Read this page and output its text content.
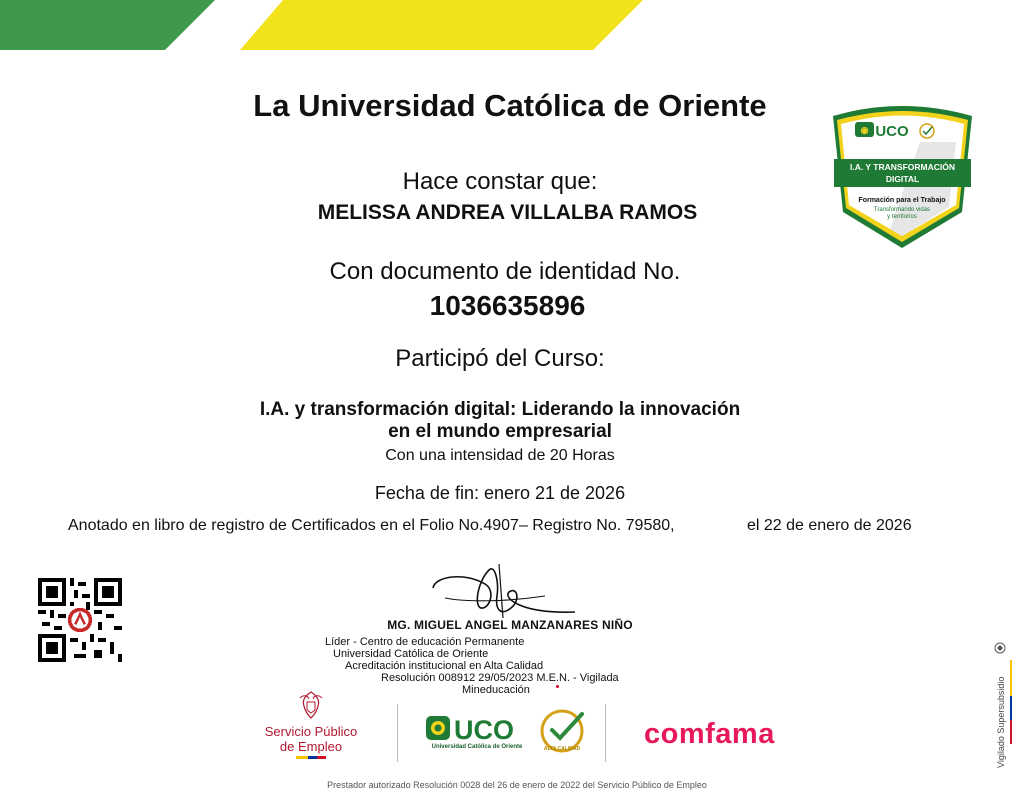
La Universidad Católica de Oriente
Hace constar que:
MELISSA ANDREA VILLALBA RAMOS
Con documento de identidad No.
1036635896
Participó del Curso:
I.A. y transformación digital: Liderando la innovación
en el mundo empresarial
Con una intensidad de 20 Horas
Fecha de fin: enero 21 de 2026
Anotado en libro de registro de Certificados en el Folio No.4907– Registro No. 79580,	el 22 de enero de 2026
MG. MIGUEL ANGEL MANZANARES NIÑO
Líder - Centro de educación Permanente
Universidad Católica de Oriente
Acreditación institucional en Alta Calidad
Resolución 008912 29/05/2023 M.E.N. - Vigilada
Mineducación
◉ UCO
I.A. Y TRANSFORMACIÓN
DIGITAL
Formación para el Trabajo
Transformando vidas
y territorios
Servicio Público
de Empleo
UCO
Universidad Católica de Oriente	ALTA CALIDAD comfama
Prestador autorizado Resolución 0028 del 26 de enero de 2022 del Servicio Público de Empleo
Vigilado Supersubsidio
